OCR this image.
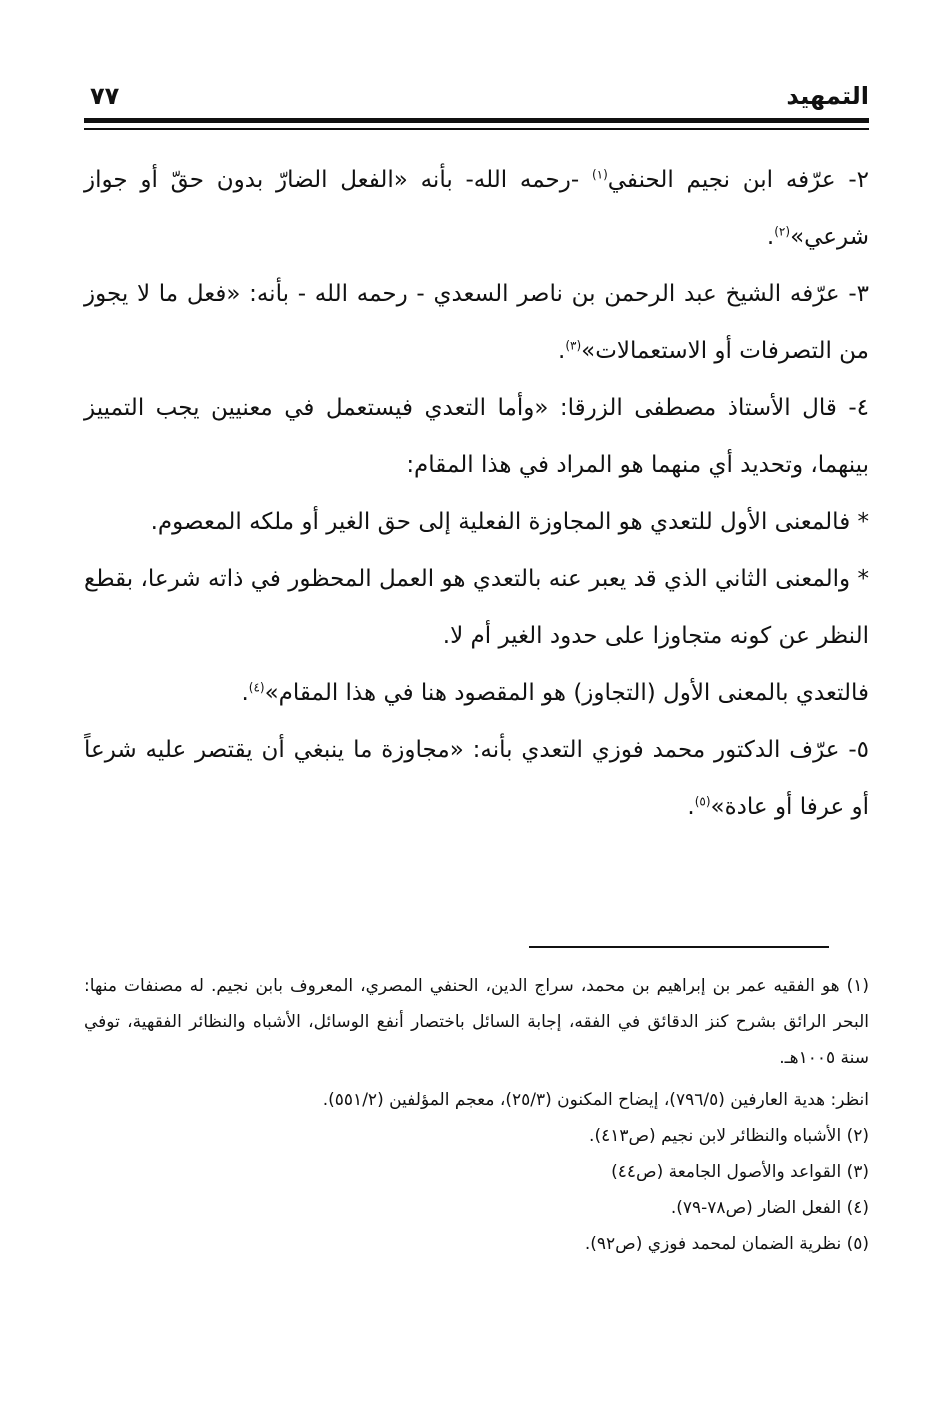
التمهيد
٧٧

٢- عرّفه ابن نجيم الحنفي$^{(١)}$ -رحمه الله- بأنه «الفعل الضارّ بدون حقّ أو جواز شرعي»$^{(٢)}$.

٣- عرّفه الشيخ عبد الرحمن بن ناصر السعدي - رحمه الله - بأنه: «فعل ما لا يجوز من التصرفات أو الاستعمالات»$^{(٣)}$.

٤- قال الأستاذ مصطفى الزرقا: «وأما التعدي فيستعمل في معنيين يجب التمييز بينهما، وتحديد أي منهما هو المراد في هذا المقام:

* فالمعنى الأول للتعدي هو المجاوزة الفعلية إلى حق الغير أو ملكه المعصوم.

* والمعنى الثاني الذي قد يعبر عنه بالتعدي هو العمل المحظور في ذاته شرعا، بقطع النظر عن كونه متجاوزا على حدود الغير أم لا.

فالتعدي بالمعنى الأول (التجاوز) هو المقصود هنا في هذا المقام»$^{(٤)}$.

٥- عرّف الدكتور محمد فوزي التعدي بأنه: «مجاوزة ما ينبغي أن يقتصر عليه شرعاً أو عرفا أو عادة»$^{(٥)}$.

(١) هو الفقيه عمر بن إبراهيم بن محمد، سراج الدين، الحنفي المصري، المعروف بابن نجيم. له مصنفات منها: البحر الرائق بشرح كنز الدقائق في الفقه، إجابة السائل باختصار أنفع الوسائل، الأشباه والنظائر الفقهية، توفي سنة ١٠٠٥هـ.

انظر: هدية العارفين (٧٩٦/٥)، إيضاح المكنون (٢٥/٣)، معجم المؤلفين (٥٥١/٢).

(٢) الأشباه والنظائر لابن نجيم (ص٤١٣).

(٣) القواعد والأصول الجامعة (ص٤٤)

(٤) الفعل الضار (ص٧٨-٧٩).

(٥) نظرية الضمان لمحمد فوزي (ص٩٢).
